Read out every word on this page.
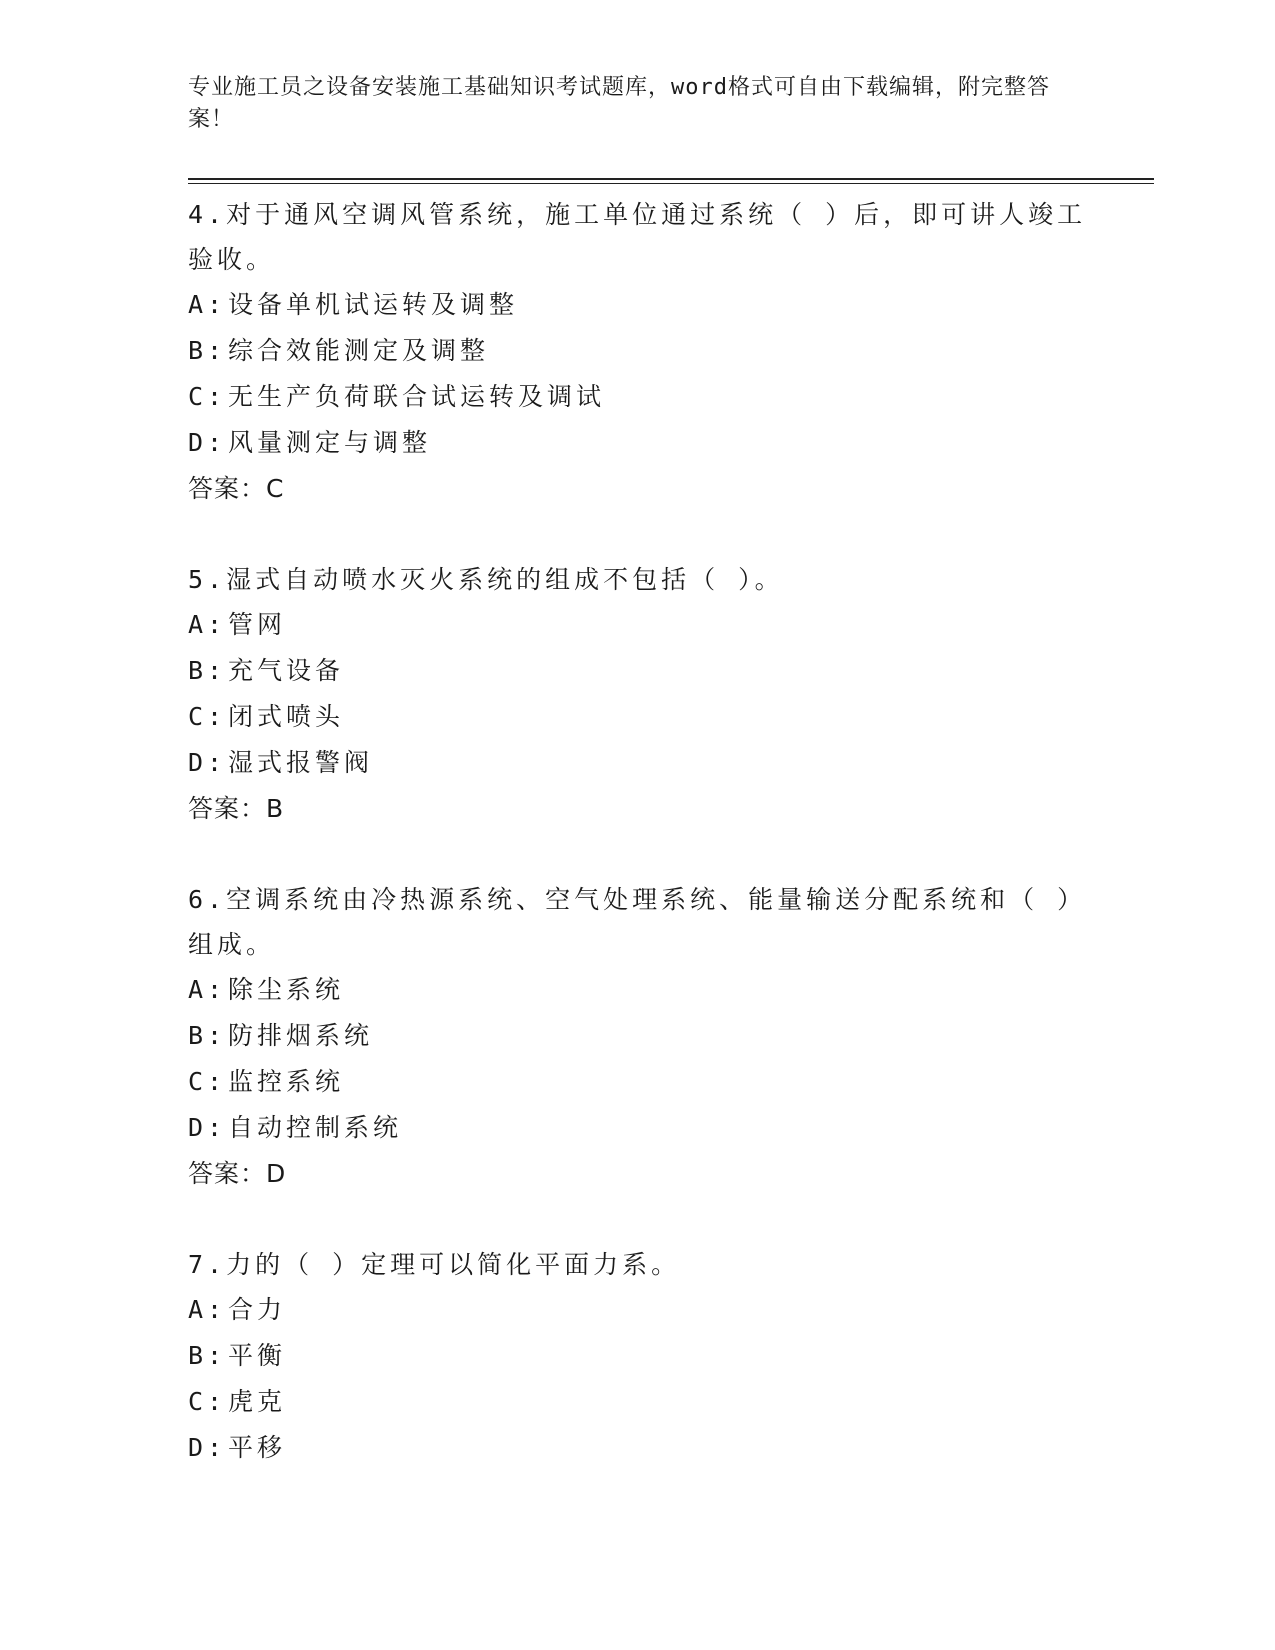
专业施工员之设备安装施工基础知识考试题库，word格式可自由下载编辑，附完整答案！
4.对于通风空调风管系统，施工单位通过系统（ ）后，即可讲人竣工验收。
A:设备单机试运转及调整
B:综合效能测定及调整
C:无生产负荷联合试运转及调试
D:风量测定与调整
答案：C
5.湿式自动喷水灭火系统的组成不包括（ ）。
A:管网
B:充气设备
C:闭式喷头
D:湿式报警阀
答案：B
6.空调系统由冷热源系统、空气处理系统、能量输送分配系统和（ ）组成。
A:除尘系统
B:防排烟系统
C:监控系统
D:自动控制系统
答案：D
7.力的（ ）定理可以简化平面力系。
A:合力
B:平衡
C:虎克
D:平移
